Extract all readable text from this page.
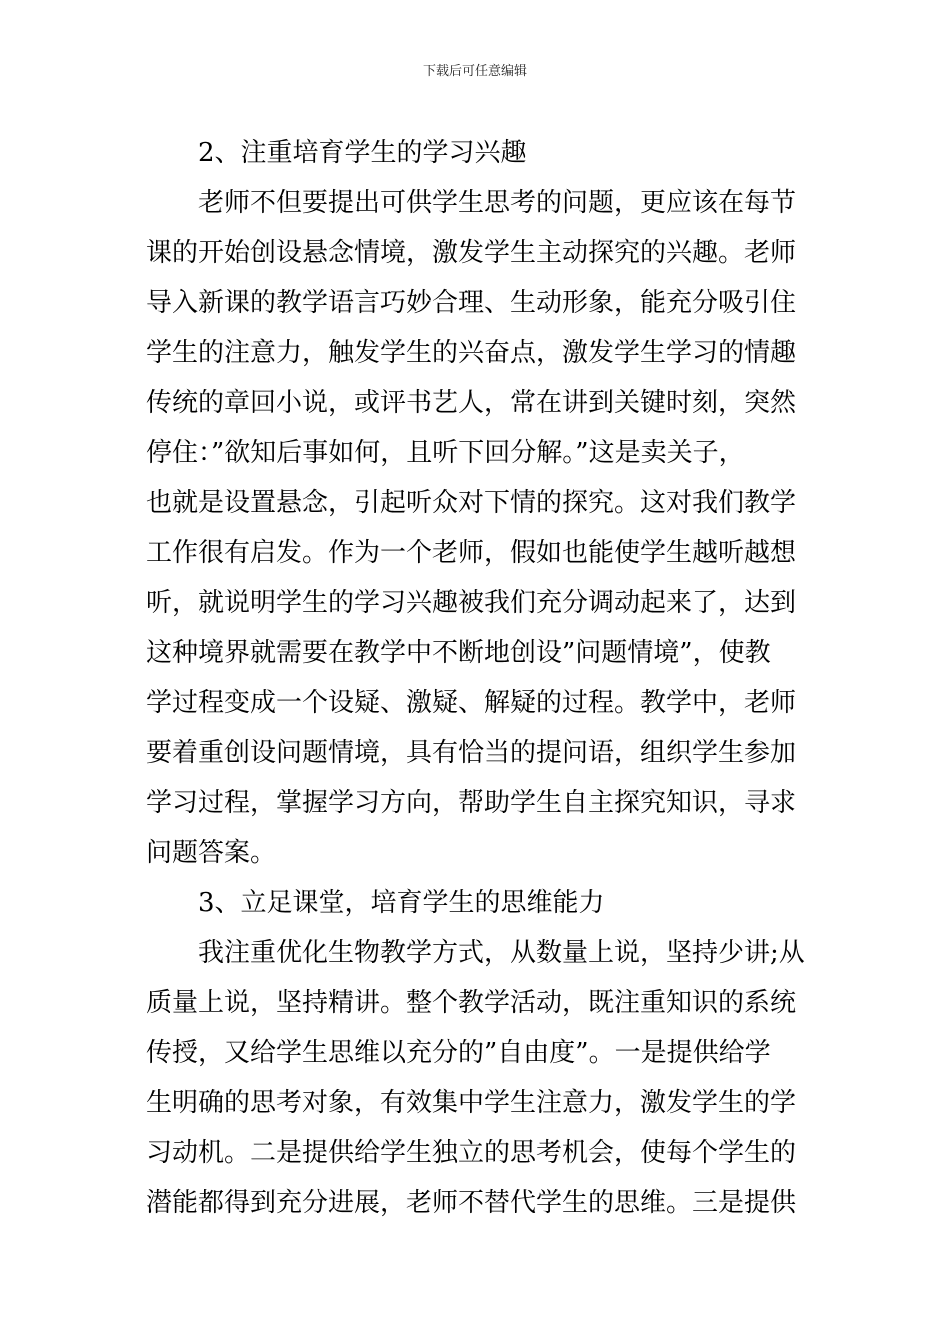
下载后可任意编辑
2、注重培育学生的学习兴趣
老师不但要提出可供学生思考的问题，更应该在每节
课的开始创设悬念情境，激发学生主动探究的兴趣。老师
导入新课的教学语言巧妙合理、生动形象，能充分吸引住
学生的注意力，触发学生的兴奋点，激发学生学习的情趣
传统的章回小说，或评书艺人，常在讲到关键时刻，突然
停住：”欲知后事如何，且听下回分解。”这是卖关子，
也就是设置悬念，引起听众对下情的探究。这对我们教学
工作很有启发。作为一个老师，假如也能使学生越听越想
听，就说明学生的学习兴趣被我们充分调动起来了，达到
这种境界就需要在教学中不断地创设”问题情境”，使教
学过程变成一个设疑、激疑、解疑的过程。教学中，老师
要着重创设问题情境，具有恰当的提问语，组织学生参加
学习过程，掌握学习方向，帮助学生自主探究知识，寻求
问题答案。
3、立足课堂，培育学生的思维能力
我注重优化生物教学方式，从数量上说，坚持少讲;从
质量上说，坚持精讲。整个教学活动，既注重知识的系统
传授，又给学生思维以充分的”自由度”。一是提供给学
生明确的思考对象，有效集中学生注意力，激发学生的学
习动机。二是提供给学生独立的思考机会，使每个学生的
潜能都得到充分进展，老师不替代学生的思维。三是提供
